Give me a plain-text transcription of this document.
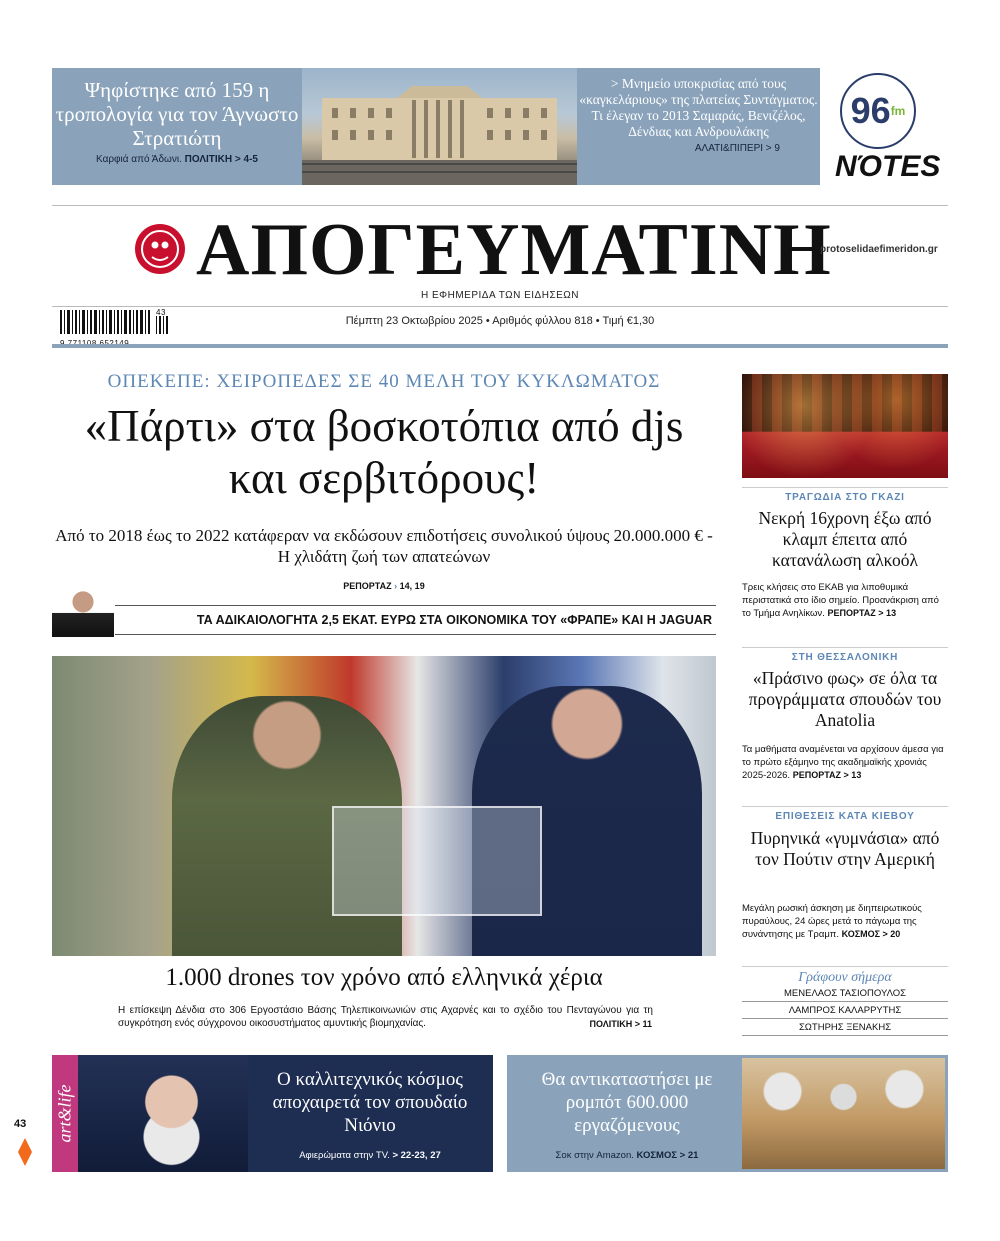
Ψηφίστηκε από 159 η τροπολογία για τον Άγνωστο Στρατιώτη
Καρφιά από Άδωνι. ΠΟΛΙΤΙΚΗ > 4-5
> Μνημείο υποκρισίας από τους «καγκελάριους» της πλατείας Συντάγματος. Τι έλεγαν το 2013 Σαμαράς, Βενιζέλος, Δένδιας και Ανδρουλάκης
ΑΛΑΤΙ&ΠΙΠΕΡΙ > 9
96 fm
NΌΤΕS
ΑΠΟΓΕΥΜΑΤΙΝΗ
protoselidaefimeridon.gr
Η ΕΦΗΜΕΡΙΔΑ ΤΩΝ ΕΙΔΗΣΕΩΝ
43
Πέμπτη 23 Οκτωβρίου 2025 • Αριθμός φύλλου 818 • Τιμή €1,30
ΟΠΕΚΕΠΕ: ΧΕΙΡΟΠΕΔΕΣ ΣΕ 40 ΜΕΛΗ ΤΟΥ ΚΥΚΛΩΜΑΤΟΣ
«Πάρτι» στα βοσκοτόπια από djs και σερβιτόρους!
Από το 2018 έως το 2022 κατάφεραν να εκδώσουν επιδοτήσεις συνολικού ύψους 20.000.000 € - Η χλιδάτη ζωή των απατεώνων
ΡΕΠΟΡΤΑΖ › 14, 19
ΤΑ ΑΔΙΚΑΙΟΛΟΓΗΤΑ 2,5 ΕΚΑΤ. ΕΥΡΩ ΣΤΑ ΟΙΚΟΝΟΜΙΚΑ ΤΟΥ «ΦΡΑΠΕ» ΚΑΙ Η JAGUAR
1.000 drones τον χρόνο από ελληνικά χέρια
Η επίσκεψη Δένδια στο 306 Εργοστάσιο Βάσης Τηλεπικοινωνιών στις Αχαρνές και το σχέδιο του Πενταγώνου για τη συγκρότηση ενός σύγχρονου οικοσυστήματος αμυντικής βιομηχανίας.	ΠΟΛΙΤΙΚΗ > 11
ΤΡΑΓΩΔΙΑ ΣΤΟ ΓΚΑΖΙ
Νεκρή 16χρονη έξω από κλαμπ έπειτα από κατανάλωση αλκοόλ
Τρεις κλήσεις στο ΕΚΑΒ για λιποθυμικά περιστατικά στο ίδιο σημείο. Προανάκριση από το Τμήμα Ανηλίκων. ΡΕΠΟΡΤΑΖ > 13
ΣΤΗ ΘΕΣΣΑΛΟΝΙΚΗ
«Πράσινο φως» σε όλα τα προγράμματα σπουδών του Anatolia
Τα μαθήματα αναμένεται να αρχίσουν άμεσα για το πρώτο εξάμηνο της ακαδημαϊκής χρονιάς 2025-2026. ΡΕΠΟΡΤΑΖ > 13
ΕΠΙΘΕΣΕΙΣ ΚΑΤΑ ΚΙΕΒΟΥ
Πυρηνικά «γυμνάσια» από τον Πούτιν στην Αμερική
Μεγάλη ρωσική άσκηση με διηπειρωτικούς πυραύλους, 24 ώρες μετά το πάγωμα της συνάντησης με Τραμπ. ΚΟΣΜΟΣ > 20
Γράφουν σήμερα
ΜΕΝΕΛΑΟΣ ΤΑΣΙΟΠΟΥΛΟΣ
ΛΑΜΠΡΟΣ ΚΑΛΑΡΡΥΤΗΣ
ΣΩΤΗΡΗΣ ΞΕΝΑΚΗΣ
art&life
Ο καλλιτεχνικός κόσμος αποχαιρετά τον σπουδαίο Νιόνιο
Αφιερώματα στην TV. > 22-23, 27
Θα αντικαταστήσει με ρομπότ 600.000 εργαζόμενους
Σοκ στην Amazon. ΚΟΣΜΟΣ > 21
43
